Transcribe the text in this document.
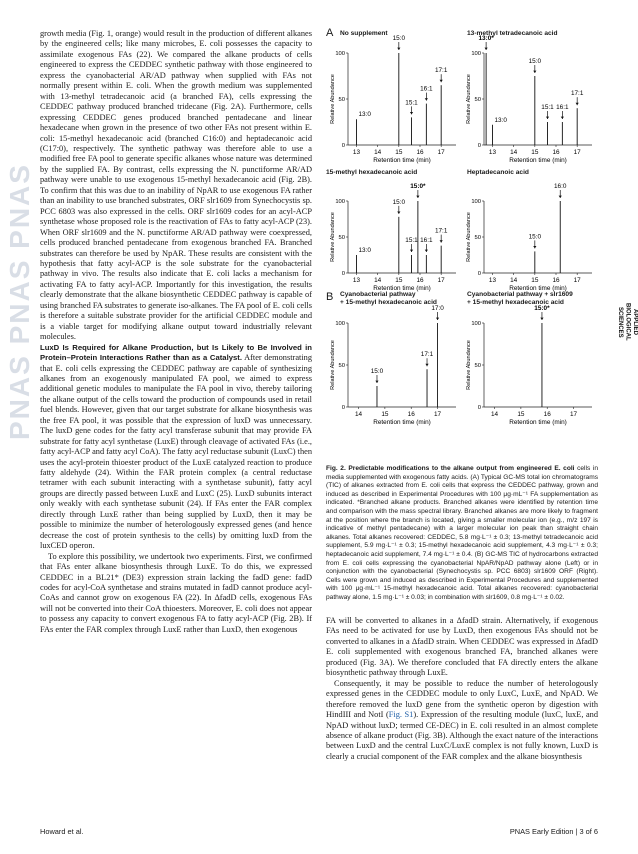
PNAS PNAS PNAS	APPLIED BIOLOGICAL SCIENCES

growth media (Fig. 1, orange) would result in the production of different alkanes by the engineered cells; like many microbes, E. coli possesses the capacity to assimilate exogenous FAs (22). We compared the alkane products of cells engineered to express the CEDDEC synthetic pathway with those engineered to express the cyanobacterial AR/AD pathway when supplied with FAs not normally present within E. coli. When the growth medium was supplemented with 13-methyl tetradecanoic acid (a branched FA), cells expressing the CEDDEC pathway produced branched tridecane (Fig. 2A). Furthermore, cells expressing CEDDEC genes produced branched pentadecane and linear hexadecane when grown in the presence of two other FAs not present within E. coli: 15-methyl hexadecanoic acid (branched C16:0) and heptadecanoic acid (C17:0), respectively. The synthetic pathway was therefore able to use a modified free FA pool to generate specific alkanes whose nature was determined by the supplied FA. By contrast, cells expressing the N. punctiforme AR/AD pathway were unable to use exogenous 15-methyl hexadecanoic acid (Fig. 2B). To confirm that this was due to an inability of NpAR to use exogenous FA rather than an inability to use branched substrates, ORF slr1609 from Synechocystis sp. PCC 6803 was also expressed in the cells. ORF slr1609 codes for an acyl-ACP synthetase whose proposed role is the reactivation of FAs to fatty acyl-ACP (23). When ORF slr1609 and the N. punctiforme AR/AD pathway were coexpressed, cells produced branched pentadecane from exogenous branched FA. Branched substrates can therefore be used by NpAR. These results are consistent with the hypothesis that fatty acyl-ACP is the sole substrate for the cyanobacterial pathway in vivo. The results also indicate that E. coli lacks a mechanism for activating FA to fatty acyl-ACP. Importantly for this investigation, the results clearly demonstrate that the alkane biosynthetic CEDDEC pathway is capable of using branched FA substrates to generate iso-alkanes. The FA pool of E. coli cells is therefore a suitable substrate provider for the artificial CEDDEC module and is a viable target for modifying alkane output toward industrially relevant molecules.

LuxD Is Required for Alkane Production, but Is Likely to Be Involved in Protein–Protein Interactions Rather than as a Catalyst. After demonstrating that E. coli cells expressing the CEDDEC pathway are capable of synthesizing alkanes from an exogenously manipulated FA pool, we aimed to express additional genetic modules to manipulate the FA pool in vivo, thereby tailoring the alkane output of the cells toward the production of compounds used in retail fuel blends. However, given that our target substrate for alkane biosynthesis was the free FA pool, it was possible that the expression of luxD was unnecessary. The luxD gene codes for the fatty acyl transferase subunit that may provide FA substrate for fatty acyl synthetase (LuxE) through cleavage of activated FAs (i.e., fatty acyl-ACP and fatty acyl CoA). The fatty acyl reductase subunit (LuxC) then uses the acyl-protein thioester product of the LuxE catalyzed reaction to produce fatty aldehyde (24). Within the FAR protein complex (a central reductase tetramer with each subunit interacting with a synthetase subunit), fatty acyl groups are directly passed between LuxE and LuxC (25). LuxD subunits interact only weakly with each synthetase subunit (24). If FAs enter the FAR complex directly through LuxE rather than being supplied by LuxD, then it may be possible to minimize the number of heterologously expressed genes (and hence decrease the cost of protein synthesis to the cells) by omitting luxD from the luxCED operon.

To explore this possibility, we undertook two experiments. First, we confirmed that FAs enter alkane biosynthesis through LuxE. To do this, we expressed CEDDEC in a BL21* (DE3) expression strain lacking the fadD gene: fadD codes for acyl-CoA synthetase and strains mutated in fadD cannot produce acyl-CoAs and cannot grow on exogenous FA (22). In ΔfadD cells, exogenous FAs will not be converted into their CoA thioesters. Moreover, E. coli does not appear to possess any capacity to convert exogenous FA to fatty acyl-ACP (Fig. 2B). If FAs enter the FAR complex through LuxE rather than LuxD, then exogenous

A
B
No supplement	13-methyl tetradecanoic acid
15-methyl hexadecanoic acid	Heptadecanoic acid
Cyanobacterial pathway
+ 15-methyl hexadecanoic acid
Cyanobacterial pathway + slr1609
+ 15-methyl hexadecanoic acid
0
50
100
Relative Abundance
13 14 15 16 17
Retention time (min)
13:0
15:0
15:1
16:1
17:1
0
50
100
Relative Abundance
13 14 15 16 17
Retention time (min)
13:0*
13:0
15:0
15:1 16:1
17:1
0
50
100
Relative Abundance
13 14 15 16 17
Retention time (min)
13:0
15:0
15:1
15:0*
16:1
17:1
0
50
100
Relative Abundance
13 14 15 16 17
Retention time (min)
15:0
16:0
0
50
100
Relative Abundance
14	15	16	17
Retention time (min)
15:0
17:1
17:0
0
50
100
Relative Abundance
14	15	16	17
Retention time (min)
15:0*
Fig. 2. Predictable modifications to the alkane output from engineered E. coli cells in media supplemented with exogenous fatty acids. (A) Typical GC-MS total ion chromatograms (TIC) of alkanes extracted from E. coli cells that express the CEDDEC pathway, grown and induced as described in Experimental Procedures with 100 μg·mL⁻¹ FA supplementation as indicated. *Branched alkane products. Branched alkanes were identified by retention time and comparison with the mass spectral library. Branched alkanes are more likely to fragment at the position where the branch is located, giving a smaller molecular ion (e.g., m/z 197 is indicative of methyl pentadecane) with a larger molecular ion peak than straight chain alkanes. Total alkanes recovered: CEDDEC, 5.8 mg·L⁻¹ ± 0.3; 13-methyl tetradecanoic acid supplement, 5.9 mg·L⁻¹ ± 0.3; 15-methyl hexadecanoic acid supplement, 4.3 mg·L⁻¹ ± 0.3; heptadecanoic acid supplement, 7.4 mg·L⁻¹ ± 0.4. (B) GC-MS TIC of hydrocarbons extracted from E. coli cells expressing the cyanobacterial NpAR/NpAD pathway alone (Left) or in conjunction with the cyanobacterial (Synechocystis sp. PCC 6803) slr1609 ORF (Right). Cells were grown and induced as described in Experimental Procedures and supplemented with 100 μg·mL⁻¹ 15-methyl hexadecanoic acid. Total alkanes recovered: cyanobacterial pathway alone, 1.5 mg·L⁻¹ ± 0.03; in combination with slr1609, 0.8 mg·L⁻¹ ± 0.02.

FA will be converted to alkanes in a ΔfadD strain. Alternatively, if exogenous FAs need to be activated for use by LuxD, then exogenous FAs should not be converted to alkanes in a ΔfadD strain. When CEDDEC was expressed in ΔfadD E. coli supplemented with exogenous branched FA, branched alkanes were produced (Fig. 3A). We therefore concluded that FA directly enters the alkane biosynthetic pathway through LuxE.

Consequently, it may be possible to reduce the number of heterologously expressed genes in the CEDDEC module to only LuxC, LuxE, and NpAD. We therefore removed the luxD gene from the synthetic operon by digestion with HindIII and NotI (Fig. S1). Expression of the resulting module (luxC, luxE, and NpAD without luxD; termed CE-DEC) in E. coli resulted in an almost complete absence of alkane product (Fig. 3B). Although the exact nature of the interactions between LuxD and the central LuxC/LuxE complex is not fully known, LuxD is clearly a crucial component of the FAR complex and the alkane biosynthesis

Howard et al.	PNAS Early Edition | 3 of 6
